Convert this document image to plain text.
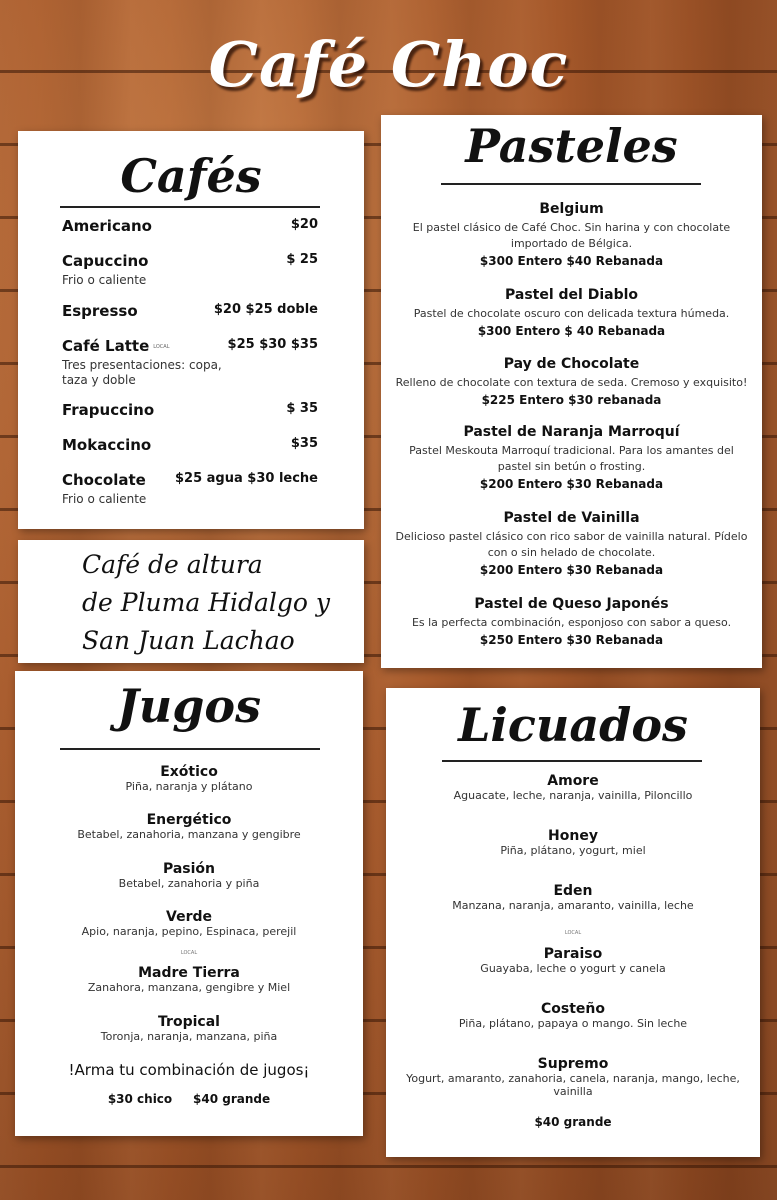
Café Choc
Cafés
Americano	$20
Capuccino	$ 25
Frio o caliente
Espresso	$20 $25 doble
Café Latte LOCAL	$25 $30 $35
Tres presentaciones: copa, taza y doble
Frapuccino	$ 35
Mokaccino	$35
Chocolate	$25 agua $30 leche
Frio o caliente
Café de altura
de Pluma Hidalgo y
San Juan Lachao
Pasteles
Belgium
El pastel clásico de Café Choc. Sin harina y con chocolate importado de Bélgica.
$300 Entero $40 Rebanada
Pastel del Diablo
Pastel de chocolate oscuro con delicada textura húmeda.
$300 Entero $ 40 Rebanada
Pay de Chocolate
Relleno de chocolate con textura de seda. Cremoso y exquisito!
$225 Entero $30 rebanada
Pastel de Naranja Marroquí
Pastel Meskouta Marroquí tradicional. Para los amantes del pastel sin betún o frosting.
$200 Entero $30 Rebanada
Pastel de Vainilla
Delicioso pastel clásico con rico sabor de vainilla natural. Pídelo con o sin helado de chocolate.
$200 Entero $30 Rebanada
Pastel de Queso Japonés
Es la perfecta combinación, esponjoso con sabor a queso.
$250 Entero $30 Rebanada
Jugos
Exótico
Piña, naranja y plátano
Energético
Betabel, zanahoria, manzana y gengibre
Pasión
Betabel, zanahoria y piña
Verde
Apio, naranja, pepino, Espinaca, perejil
LOCAL
Madre Tierra
Zanahora, manzana, gengibre y Miel
Tropical
Toronja, naranja, manzana, piña
!Arma tu combinación de jugos¡
$30 chico     $40 grande
Licuados
Amore
Aguacate, leche, naranja, vainilla, Piloncillo
Honey
Piña, plátano, yogurt, miel
Eden
Manzana, naranja, amaranto, vainilla, leche
LOCAL
Paraiso
Guayaba, leche o yogurt y canela
Costeño
Piña, plátano, papaya o mango. Sin leche
Supremo
Yogurt, amaranto, zanahoria, canela, naranja, mango, leche, vainilla
$40 grande
